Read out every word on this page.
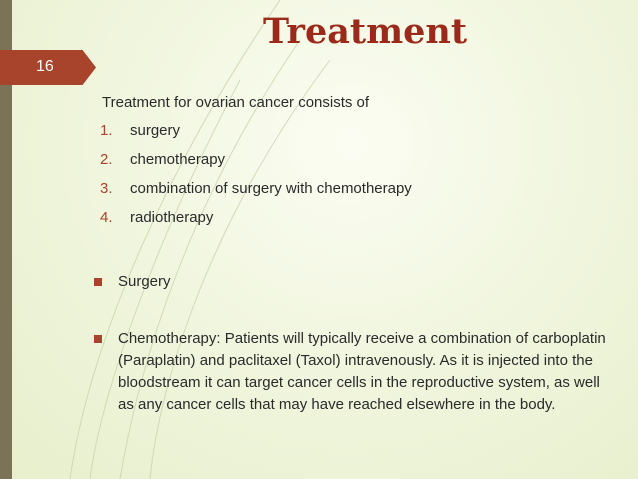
16
Treatment
Treatment for ovarian cancer consists of
1. surgery
2. chemotherapy
3. combination of surgery with chemotherapy
4. radiotherapy
Surgery
Chemotherapy: Patients will typically receive a combination of carboplatin (Paraplatin) and paclitaxel (Taxol) intravenously. As it is injected into the bloodstream it can target cancer cells in the reproductive system, as well as any cancer cells that may have reached elsewhere in the body.
